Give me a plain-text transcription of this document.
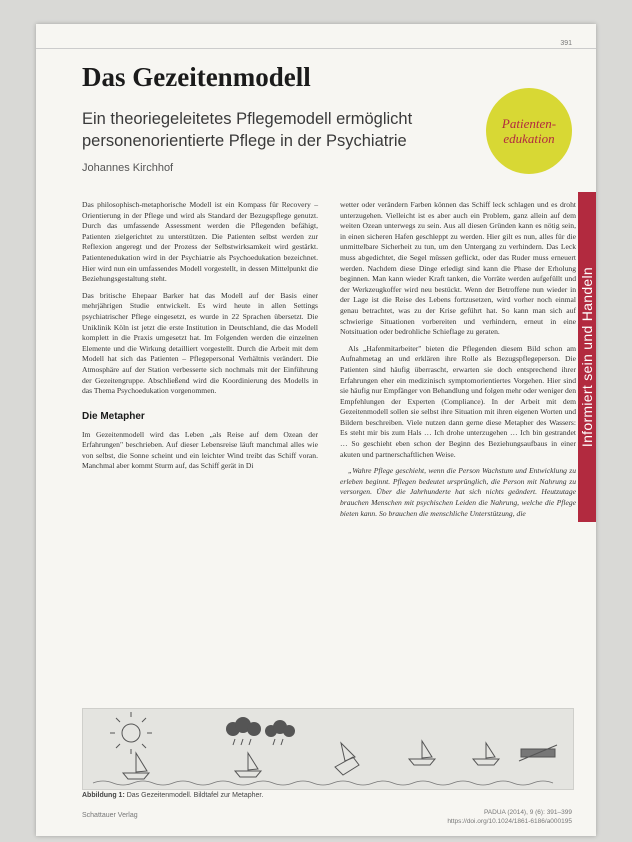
391
Das Gezeitenmodell

Ein theoriegeleitetes Pflegemodell ermöglicht personenorientierte Pflege in der Psychiatrie

Johannes Kirchhof
Patienten-
edukation
Informiert sein und Handeln

Das philosophisch-metaphorische Modell ist ein Kompass für Recovery – Orientierung in der Pflege und wird als Standard der Bezugspflege genutzt. Durch das umfassende Assessment werden die Pflegenden befähigt, Patienten zielgerichtet zu unterstützen. Die Patienten selbst werden zur Reflexion angeregt und der Prozess der Selbstwirksamkeit wird gestärkt. Patientenedukation wird in der Psychiatrie als Psychoedukation bezeichnet. Hier wird nun ein umfassendes Modell vorgestellt, in dessen Mittelpunkt die Beziehungsgestaltung steht.

Das britische Ehepaar Barker hat das Modell auf der Basis einer mehrjährigen Studie entwickelt. Es wird heute in allen Settings psychiatrischer Pflege eingesetzt, es wurde in 22 Sprachen übersetzt. Die Uniklinik Köln ist jetzt die erste Institution in Deutschland, die das Modell komplett in die Praxis umgesetzt hat. Im Folgenden werden die einzelnen Elemente und die Wirkung detailliert vorgestellt. Durch die Arbeit mit dem Modell hat sich das Patienten – Pflegepersonal Verhältnis verändert. Die Atmosphäre auf der Station verbesserte sich nochmals mit der Einführung der Gezeitengruppe. Abschließend wird die Koordinierung des Modells in das Thema Psychoedukation vorgenommen.

Die Metapher

Im Gezeitenmodell wird das Leben „als Reise auf dem Ozean der Erfahrungen" beschrieben. Auf dieser Lebensreise läuft manchmal alles wie von selbst, die Sonne scheint und ein leichter Wind treibt das Schiff voran. Manchmal aber kommt Sturm auf, das Schiff gerät in Di

wetter oder verändern Farben können das Schiff leck schlagen und es droht unterzugehen. Vielleicht ist es aber auch ein Problem, ganz allein auf dem weiten Ozean unterwegs zu sein. Aus all diesen Gründen kann es nötig sein, in einen sicheren Hafen geschleppt zu werden. Hier gilt es nun, alles für die unmittelbare Sicherheit zu tun, um den Untergang zu verhindern. Das Leck muss abgedichtet, die Segel müssen geflickt, oder das Ruder muss erneuert werden. Nachdem diese Dinge erledigt sind kann die Phase der Erholung beginnen. Man kann wieder Kraft tanken, die Vorräte werden aufgefüllt und der Werkzeugkoffer wird neu bestückt. Wenn der Betroffene nun wieder in der Lage ist die Reise des Lebens fortzusetzen, wird vorher noch einmal genau betrachtet, was zu der Krise geführt hat. So kann man sich auf schwierige Situationen vorbereiten und verhindern, erneut in eine Notsituation oder bedrohliche Schieflage zu geraten.

Als „Hafenmitarbeiter" bieten die Pflegenden diesem Bild schon am Aufnahmetag an und erklären ihre Rolle als Bezugspflegeperson. Die Patienten sind häufig überrascht, erwarten sie doch entsprechend ihrer Erfahrungen eher ein medizinisch symptomorientiertes Vorgehen. Hier sind sie häufig nur Empfänger von Behandlung und folgen mehr oder weniger den Empfehlungen der Experten (Compliance). In der Arbeit mit dem Gezeitenmodell sollen sie selbst ihre Situation mit ihren eigenen Worten und Bildern beschreiben. Viele nutzen dann gerne diese Metapher des Wassers: Es steht mir bis zum Hals … Ich drohe unterzugehen … Ich bin gestrandet … So geschieht eben schon der Beginn des Beziehungsaufbaus in einer akuten und partnerschaftlichen Weise.

„Wahre Pflege geschieht, wenn die Person Wachstum und Entwicklung zu erleben beginnt. Pflegen bedeutet ursprünglich, die Person mit Nahrung zu versorgen. Über die Jahrhunderte hat sich nichts geändert. Heutzutage brauchen Menschen mit psychischen Leiden die Nahrung, welche die Pflege bieten kann. So brauchen die menschliche Unterstützung, die

Abbildung 1: Das Gezeitenmodell. Bildtafel zur Metapher.
Schattauer Verlag	PADUA (2014), 9 (6): 391–399
https://doi.org/10.1024/1861-6186/a000195
